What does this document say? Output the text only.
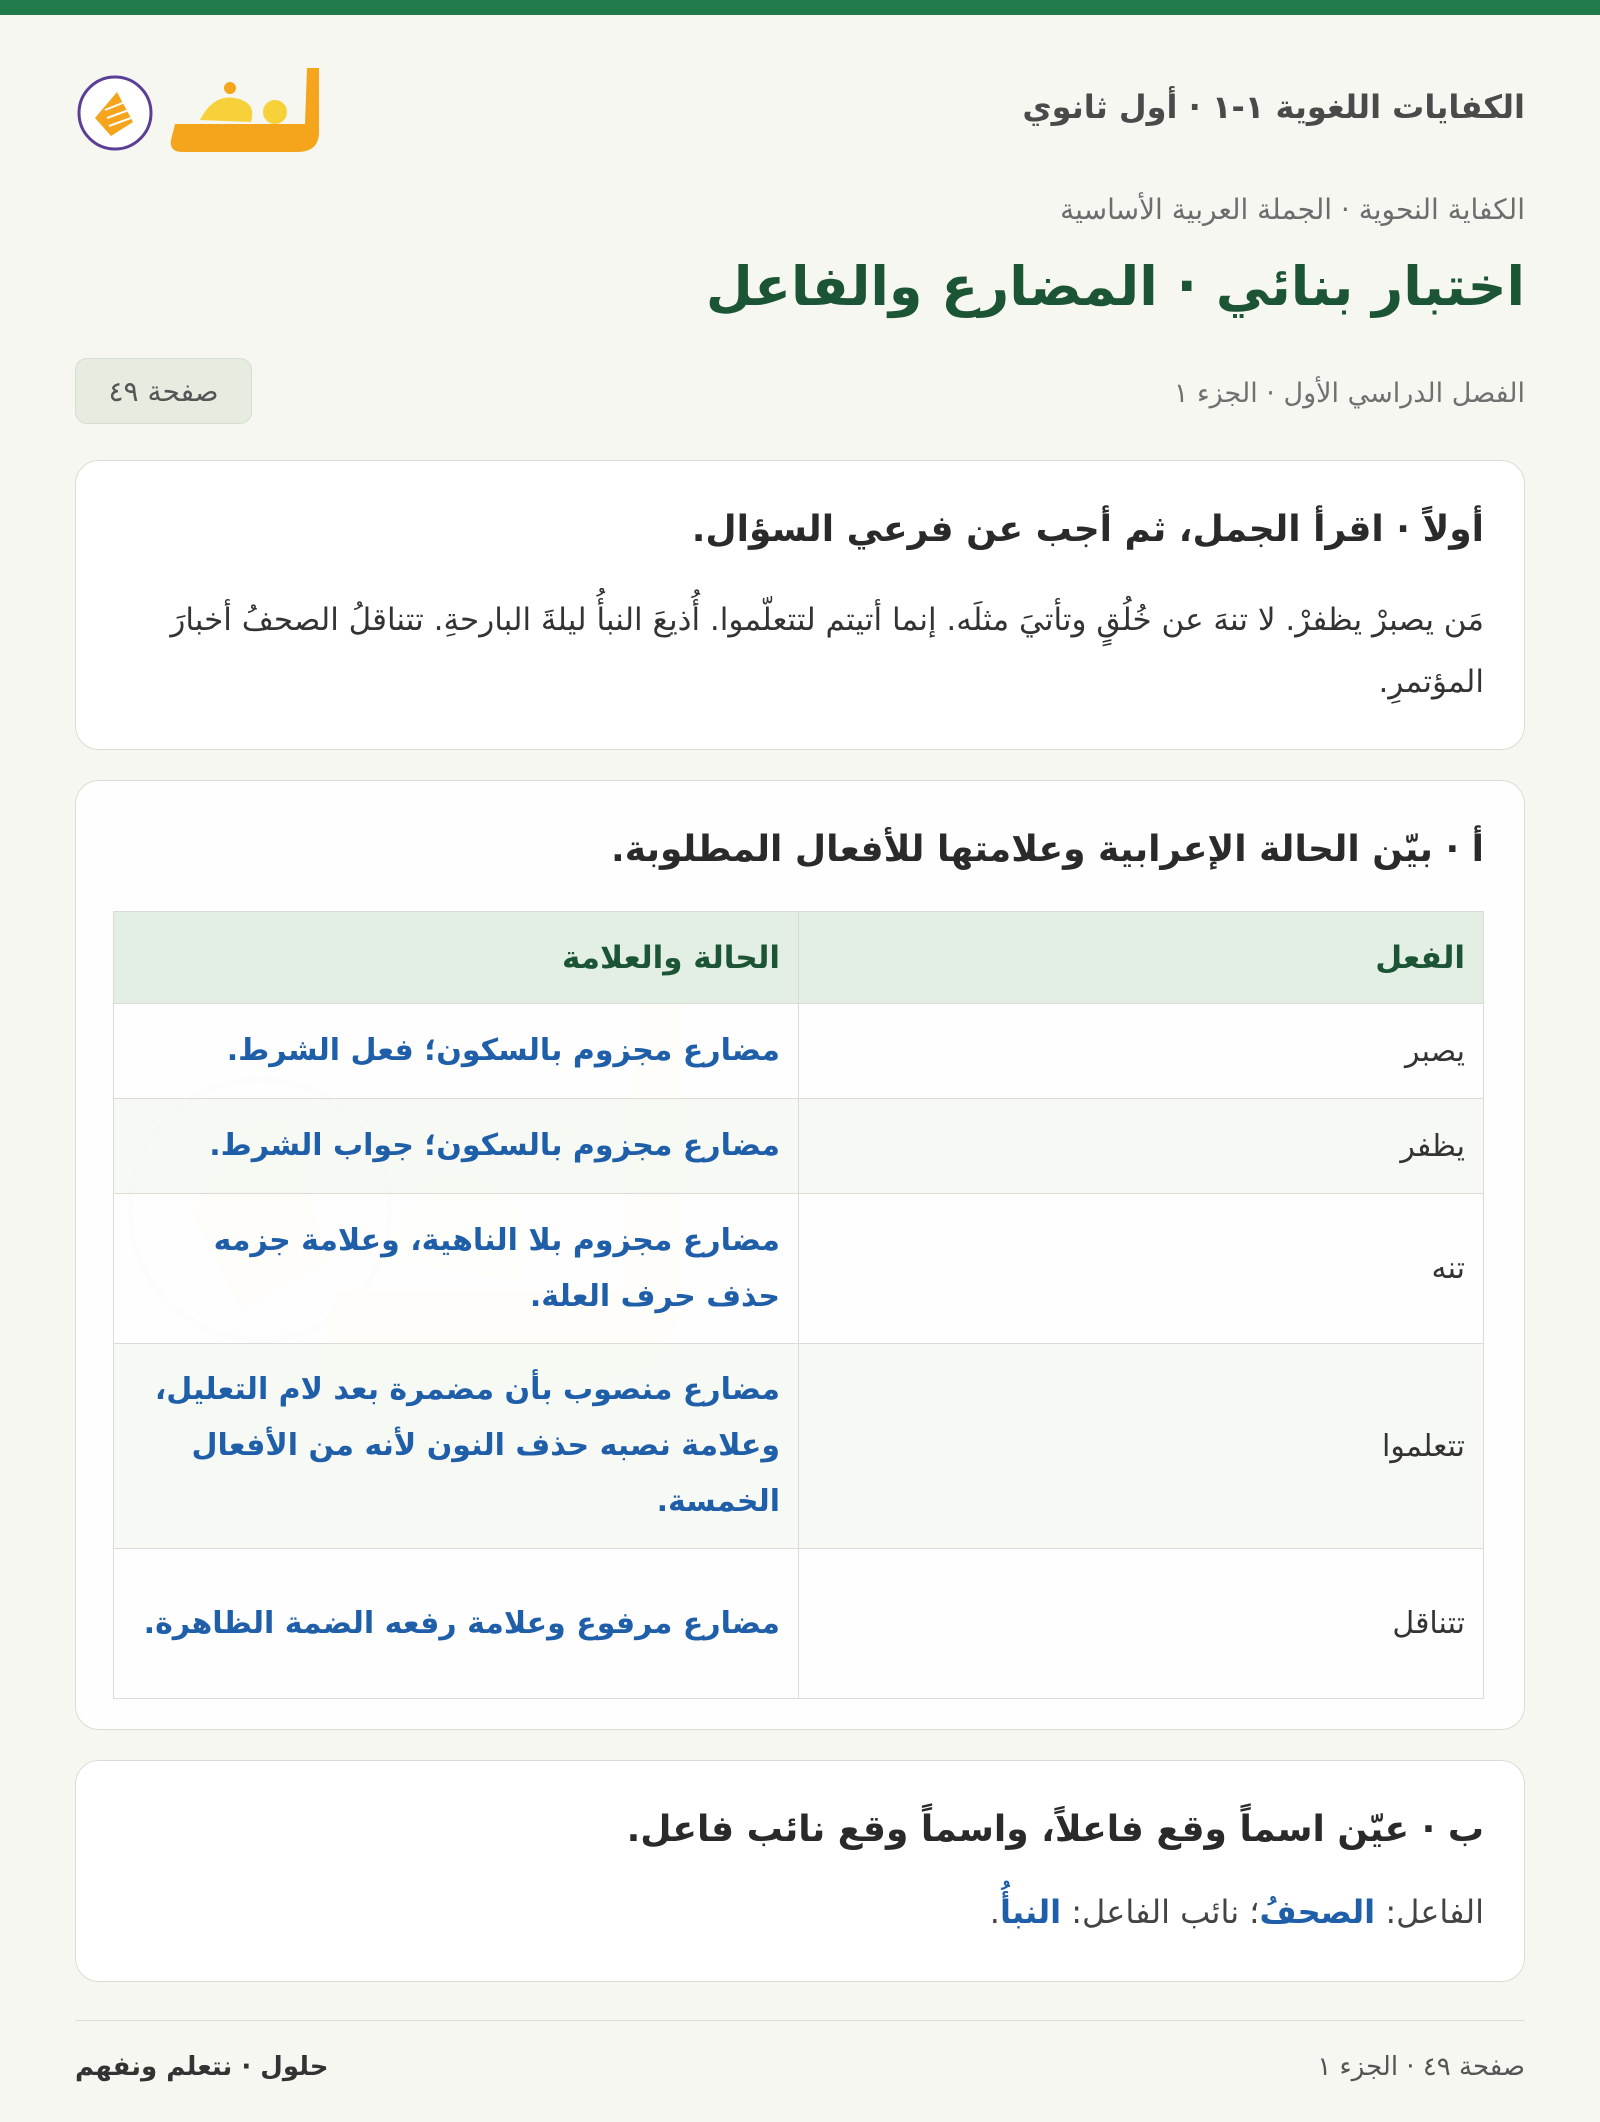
الكفايات اللغوية ١-١ · أول ثانوي
الكفاية النحوية · الجملة العربية الأساسية
اختبار بنائي · المضارع والفاعل
الفصل الدراسي الأول · الجزء ١
صفحة ٤٩
أولاً · اقرأ الجمل، ثم أجب عن فرعي السؤال.

مَن يصبرْ يظفرْ. لا تنهَ عن خُلُقٍ وتأتيَ مثلَه. إنما أتيتم لتتعلّموا. أُذيعَ النبأُ ليلةَ البارحةِ. تتناقلُ الصحفُ أخبارَ المؤتمرِ.

أ · بيّن الحالة الإعرابية وعلامتها للأفعال المطلوبة.
الفعل	الحالة والعلامة
يصبر	مضارع مجزوم بالسكون؛ فعل الشرط.
يظفر	مضارع مجزوم بالسكون؛ جواب الشرط.
تنه	مضارع مجزوم بلا الناهية، وعلامة جزمه حذف حرف العلة.
تتعلموا	مضارع منصوب بأن مضمرة بعد لام التعليل، وعلامة نصبه حذف النون لأنه من الأفعال الخمسة.
تتناقل	مضارع مرفوع وعلامة رفعه الضمة الظاهرة.
ب · عيّن اسماً وقع فاعلاً، واسماً وقع نائب فاعل.

الفاعل: الصحفُ؛ نائب الفاعل: النبأُ.

صفحة ٤٩ · الجزء ١
حلول · نتعلم ونفهم
